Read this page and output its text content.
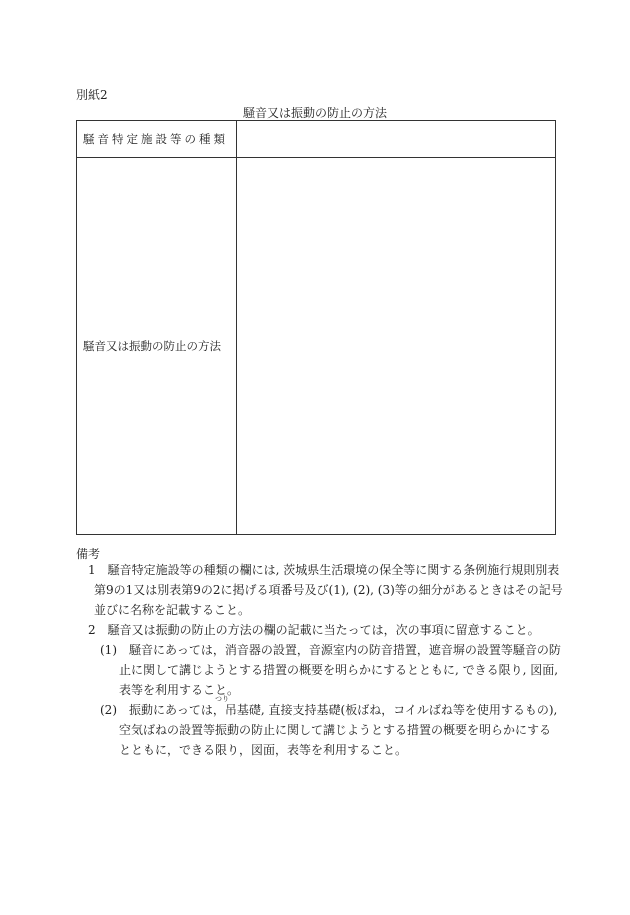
別紙2
騒音又は振動の防止の方法
騒音特定施設等の種類	
騒音又は振動の防止の方法	
備考
1　騒音特定施設等の種類の欄には, 茨城県生活環境の保全等に関する条例施行規則別表
第9の1又は別表第9の2に掲げる項番号及び(1), (2), (3)等の細分があるときはその記号
並びに名称を記載すること。
2　騒音又は振動の防止の方法の欄の記載に当たっては，次の事項に留意すること。
(1)　騒音にあっては，消音器の設置，音源室内の防音措置，遮音塀の設置等騒音の防
止に関して講じようとする措置の概要を明らかにするとともに, できる限り, 図面,
表等を利用すること。
つり
(2)　振動にあっては，吊基礎, 直接支持基礎(板ばね，コイルばね等を使用するもの),
空気ばねの設置等振動の防止に関して講じようとする措置の概要を明らかにする
とともに，できる限り，図面，表等を利用すること。
